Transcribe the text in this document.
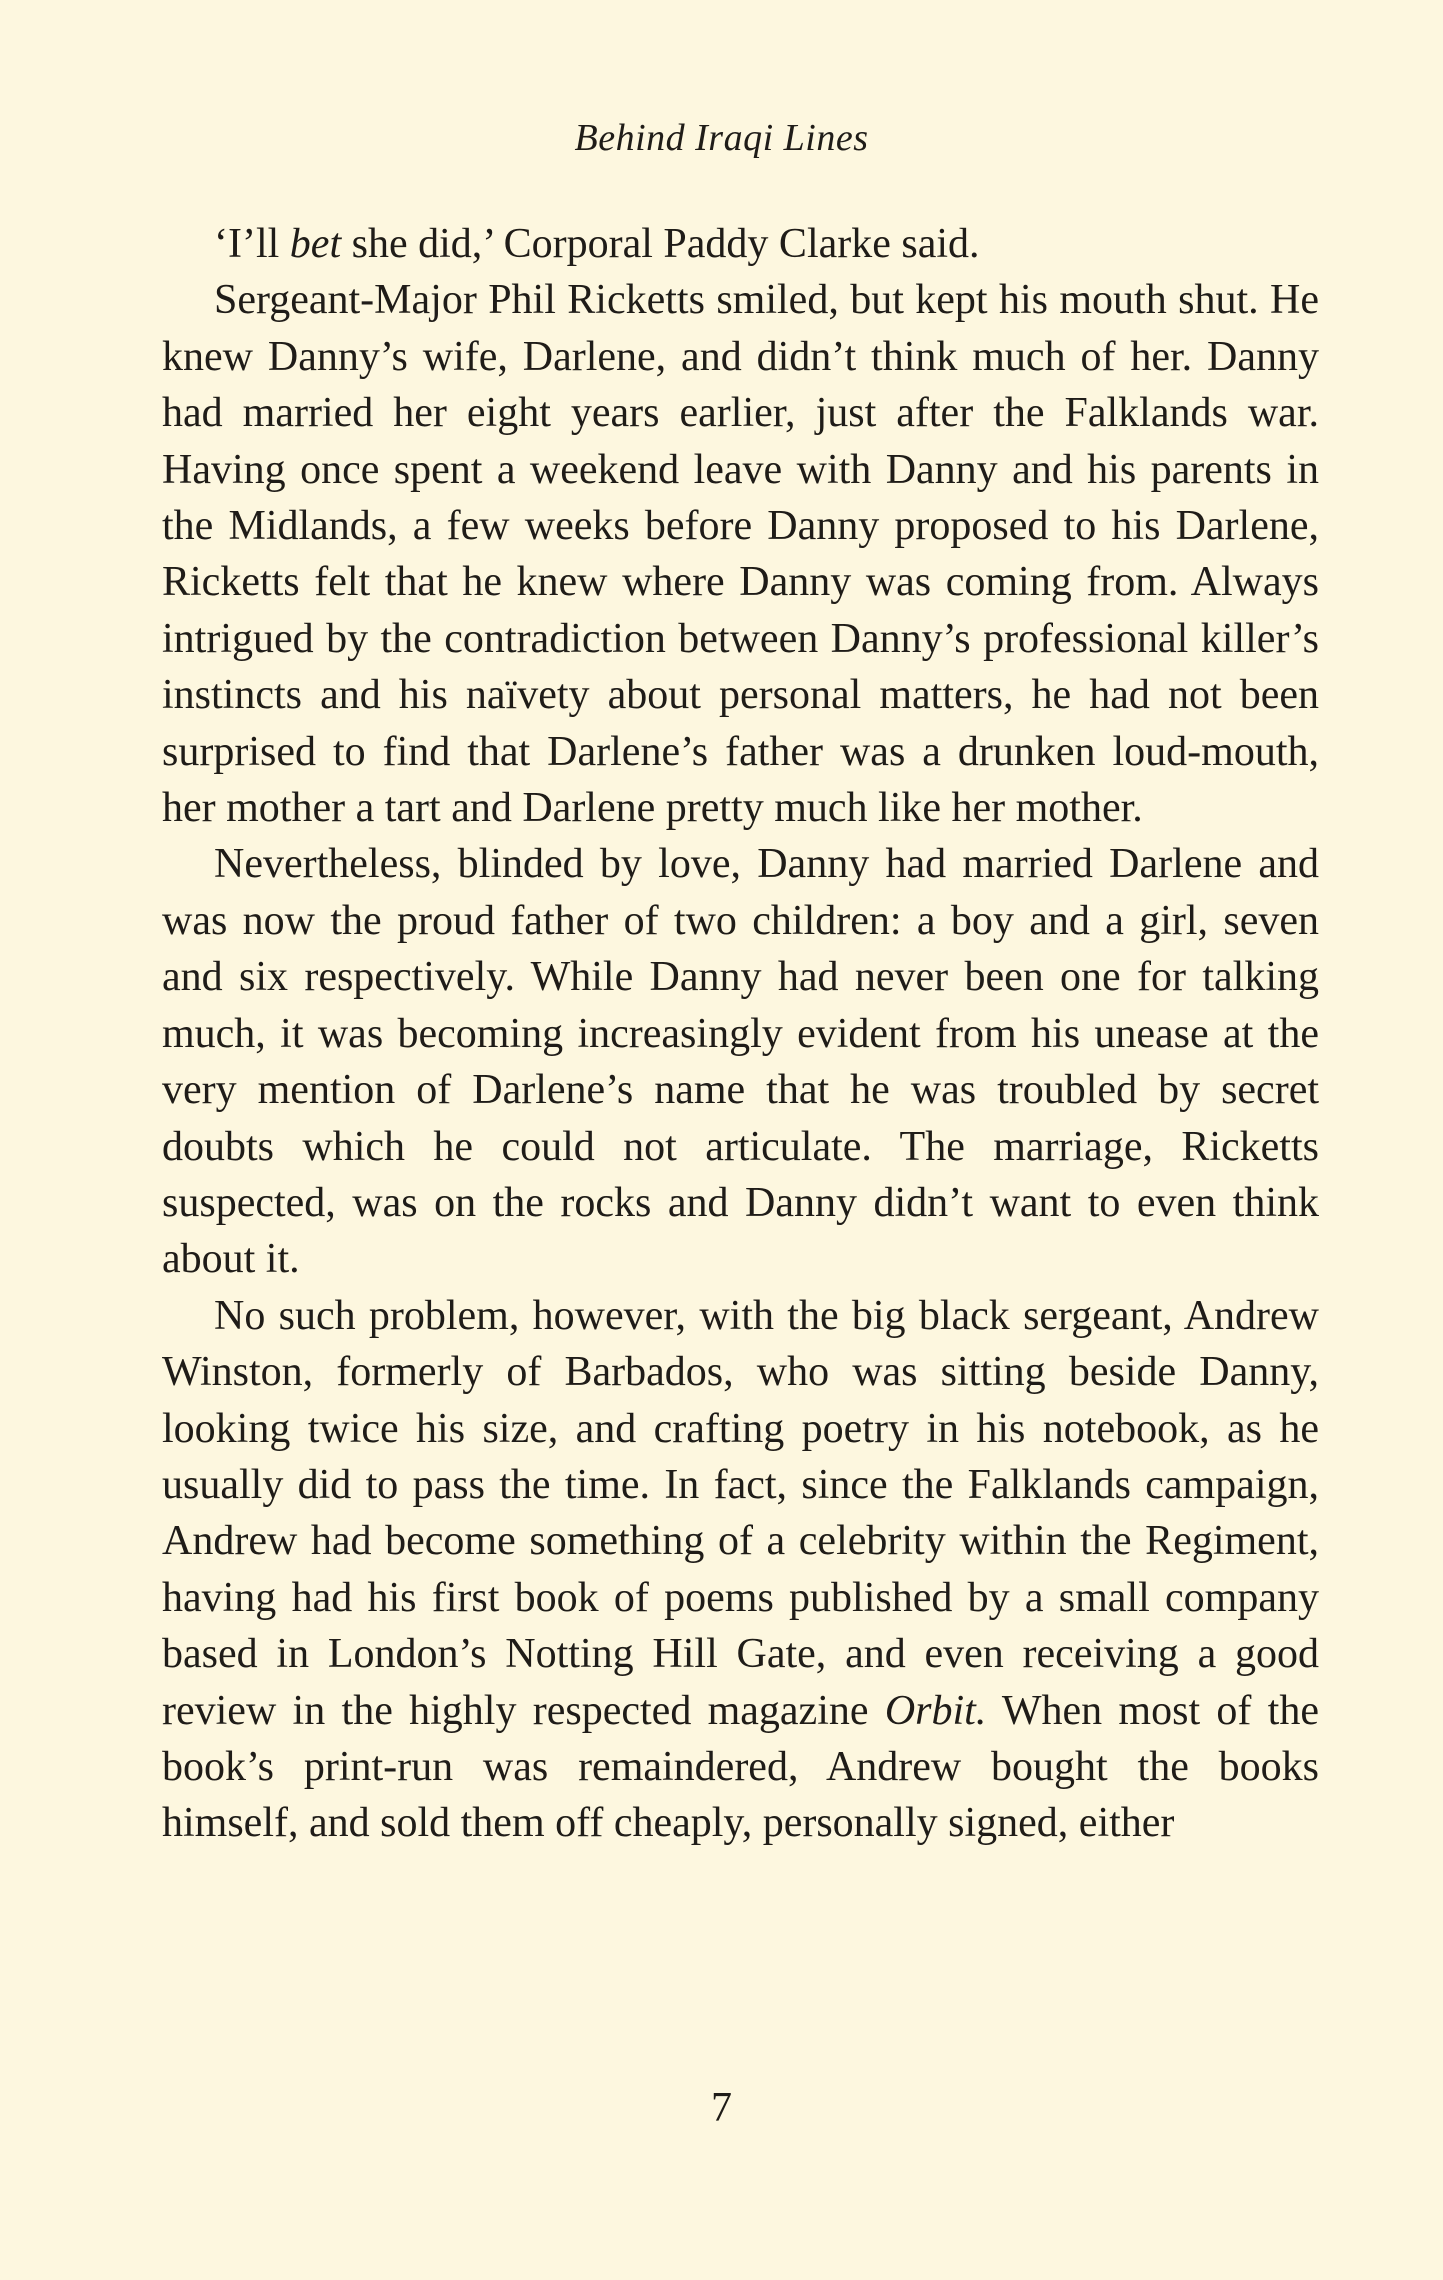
Behind Iraqi Lines

‘I’ll bet she did,’ Corporal Paddy Clarke said.

Sergeant-Major Phil Ricketts smiled, but kept his mouth shut. He knew Danny’s wife, Darlene, and didn’t think much of her. Danny had married her eight years earlier, just after the Falklands war. Having once spent a weekend leave with Danny and his parents in the Midlands, a few weeks before Danny proposed to his Darlene, Ricketts felt that he knew where Danny was coming from. Always intrigued by the contradiction between Danny’s professional killer’s instincts and his naïvety about personal matters, he had not been surprised to find that Darlene’s father was a drunken loud-mouth, her mother a tart and Darlene pretty much like her mother.

Nevertheless, blinded by love, Danny had married Darlene and was now the proud father of two children: a boy and a girl, seven and six respectively. While Danny had never been one for talking much, it was becoming increasingly evident from his unease at the very mention of Darlene’s name that he was troubled by secret doubts which he could not articulate. The marriage, Ricketts suspected, was on the rocks and Danny didn’t want to even think about it.

No such problem, however, with the big black sergeant, Andrew Winston, formerly of Barbados, who was sitting beside Danny, looking twice his size, and crafting poetry in his notebook, as he usually did to pass the time. In fact, since the Falklands campaign, Andrew had become something of a celebrity within the Regiment, having had his first book of poems published by a small company based in London’s Notting Hill Gate, and even receiving a good review in the highly respected magazine Orbit. When most of the book’s print-run was remaindered, Andrew bought the books himself, and sold them off cheaply, personally signed, either

7
